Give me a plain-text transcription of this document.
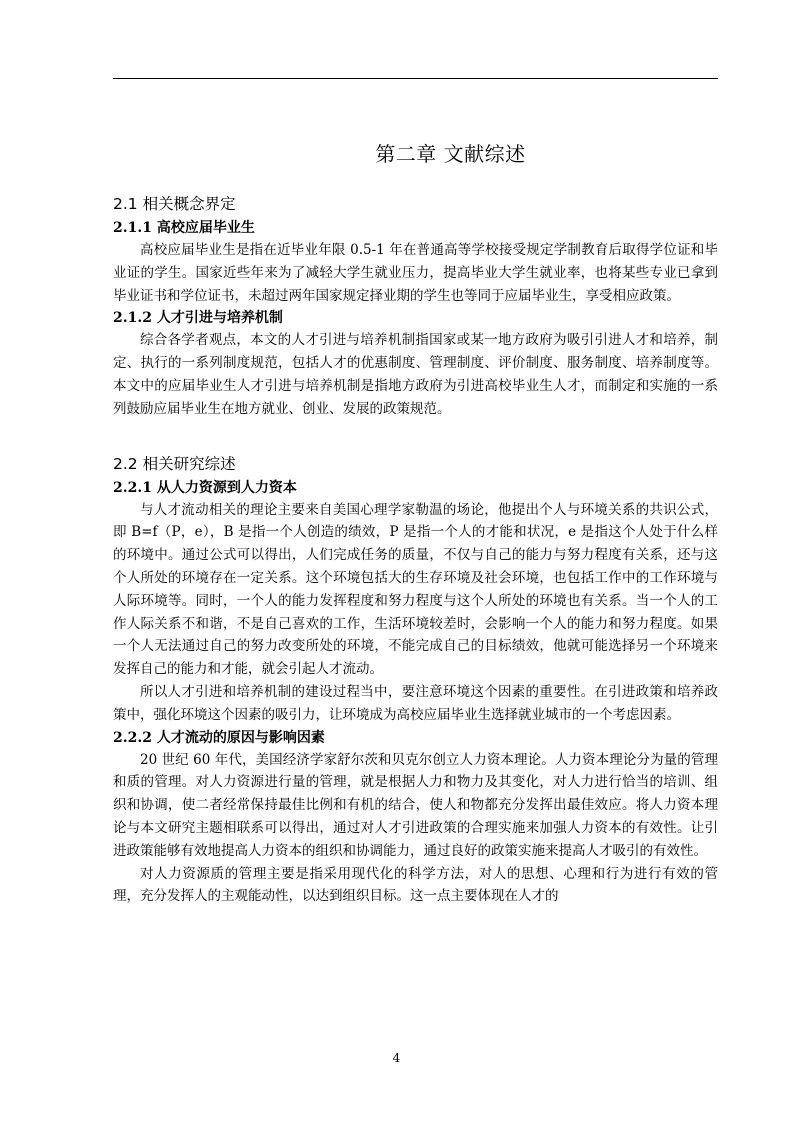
第二章 文献综述
2.1 相关概念界定
2.1.1 高校应届毕业生

高校应届毕业生是指在近毕业年限 0.5-1 年在普通高等学校接受规定学制教育后取得学位证和毕业证的学生。国家近些年来为了减轻大学生就业压力，提高毕业大学生就业率，也将某些专业已拿到毕业证书和学位证书，未超过两年国家规定择业期的学生也等同于应届毕业生，享受相应政策。

2.1.2 人才引进与培养机制

综合各学者观点，本文的人才引进与培养机制指国家或某一地方政府为吸引引进人才和培养，制定、执行的一系列制度规范，包括人才的优惠制度、管理制度、评价制度、服务制度、培养制度等。本文中的应届毕业生人才引进与培养机制是指地方政府为引进高校毕业生人才，而制定和实施的一系列鼓励应届毕业生在地方就业、创业、发展的政策规范。

2.2 相关研究综述
2.2.1 从人力资源到人力资本

与人才流动相关的理论主要来自美国心理学家勒温的场论，他提出个人与环境关系的共识公式，即 B=f（P，e），B 是指一个人创造的绩效，P 是指一个人的才能和状况，e 是指这个人处于什么样的环境中。通过公式可以得出，人们完成任务的质量，不仅与自己的能力与努力程度有关系，还与这个人所处的环境存在一定关系。这个环境包括大的生存环境及社会环境，也包括工作中的工作环境与人际环境等。同时，一个人的能力发挥程度和努力程度与这个人所处的环境也有关系。当一个人的工作人际关系不和谐，不是自己喜欢的工作，生活环境较差时，会影响一个人的能力和努力程度。如果一个人无法通过自己的努力改变所处的环境，不能完成自己的目标绩效，他就可能选择另一个环境来发挥自己的能力和才能，就会引起人才流动。

所以人才引进和培养机制的建设过程当中，要注意环境这个因素的重要性。在引进政策和培养政策中，强化环境这个因素的吸引力，让环境成为高校应届毕业生选择就业城市的一个考虑因素。

2.2.2 人才流动的原因与影响因素

20 世纪 60 年代，美国经济学家舒尔茨和贝克尔创立人力资本理论。人力资本理论分为量的管理和质的管理。对人力资源进行量的管理，就是根据人力和物力及其变化，对人力进行恰当的培训、组织和协调，使二者经常保持最佳比例和有机的结合，使人和物都充分发挥出最佳效应。将人力资本理论与本文研究主题相联系可以得出，通过对人才引进政策的合理实施来加强人力资本的有效性。让引进政策能够有效地提高人力资本的组织和协调能力，通过良好的政策实施来提高人才吸引的有效性。

对人力资源质的管理主要是指采用现代化的科学方法，对人的思想、心理和行为进行有效的管理，充分发挥人的主观能动性，以达到组织目标。这一点主要体现在人才的

4
